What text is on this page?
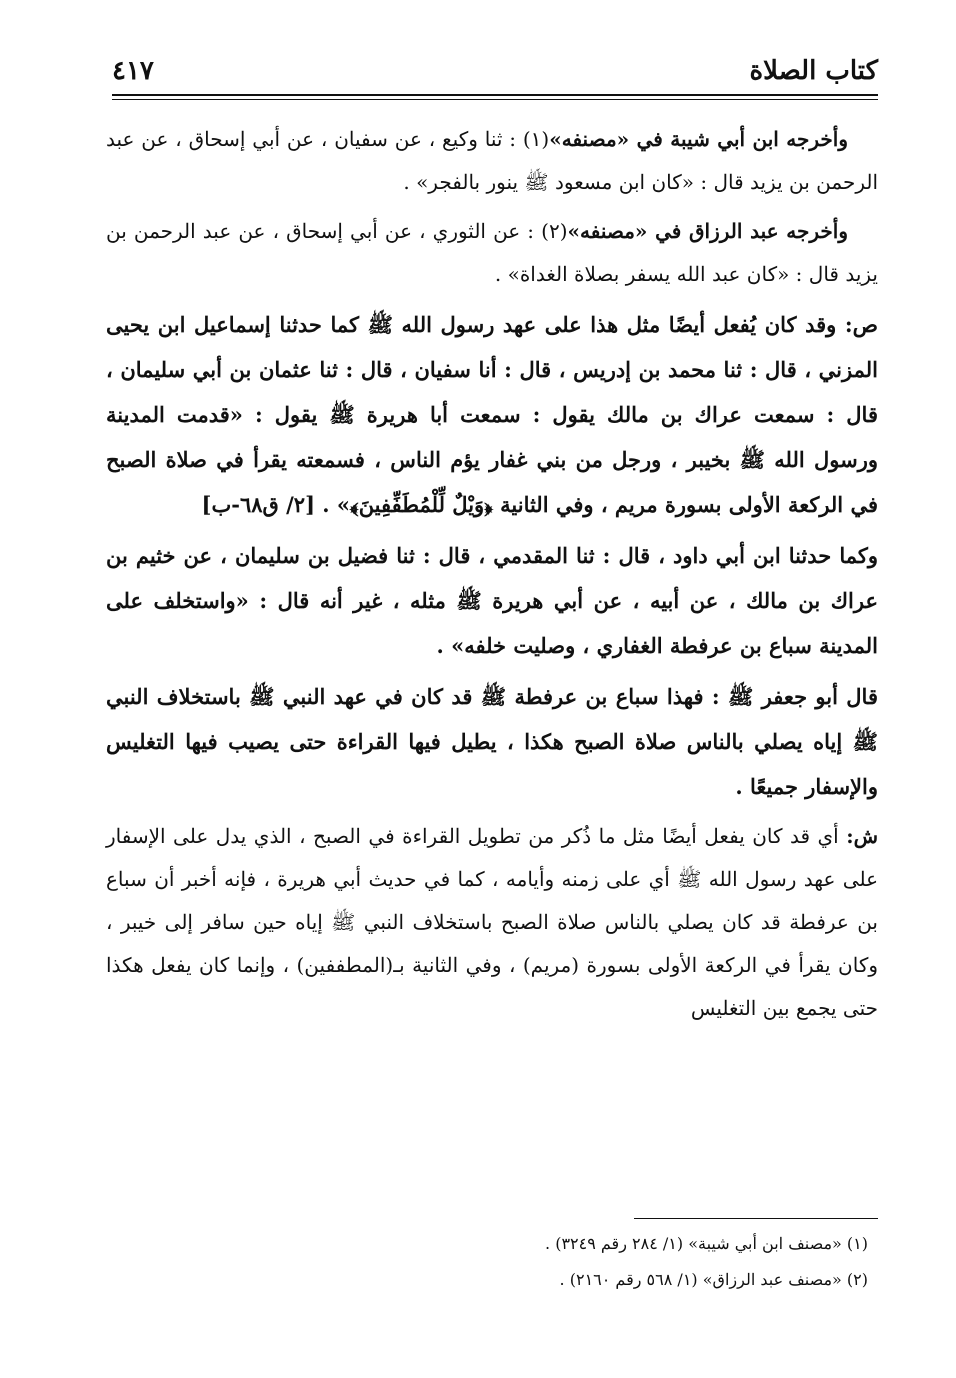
كتاب الصلاة
٤١٧

وأخرجه ابن أبي شيبة في «مصنفه»(١) : ثنا وكيع ، عن سفيان ، عن أبي إسحاق ، عن عبد الرحمن بن يزيد قال : «كان ابن مسعود ﷺ ينور بالفجر» .

وأخرجه عبد الرزاق في «مصنفه»(٢) : عن الثوري ، عن أبي إسحاق ، عن عبد الرحمن بن يزيد قال : «كان عبد الله يسفر بصلاة الغداة» .

ص: وقد كان يُفعل أيضًا مثل هذا على عهد رسول الله ﷺ كما حدثنا إسماعيل ابن يحيى المزني ، قال : ثنا محمد بن إدريس ، قال : أنا سفيان ، قال : ثنا عثمان بن أبي سليمان ، قال : سمعت عراك بن مالك يقول : سمعت أبا هريرة ﷺ يقول : «قدمت المدينة ورسول الله ﷺ بخيبر ، ورجل من بني غفار يؤم الناس ، فسمعته يقرأ في صلاة الصبح في الركعة الأولى بسورة مريم ، وفي الثانية ﴿وَيْلٌ لِّلْمُطَفِّفِينَ﴾» . [٢/ ق٦٨-ب]

وكما حدثنا ابن أبي داود ، قال : ثنا المقدمي ، قال : ثنا فضيل بن سليمان ، عن خثيم بن عراك بن مالك ، عن أبيه ، عن أبي هريرة ﷺ مثله ، غير أنه قال : «واستخلف على المدينة سباع بن عرفطة الغفاري ، وصليت خلفه» .

قال أبو جعفر ﷺ : فهذا سباع بن عرفطة ﷺ قد كان في عهد النبي ﷺ باستخلاف النبي ﷺ إياه يصلي بالناس صلاة الصبح هكذا ، يطيل فيها القراءة حتى يصيب فيها التغليس والإسفار جميعًا .

ش: أي قد كان يفعل أيضًا مثل ما ذُكر من تطويل القراءة في الصبح ، الذي يدل على الإسفار على عهد رسول الله ﷺ أي على زمنه وأيامه ، كما في حديث أبي هريرة ، فإنه أخبر أن سباع بن عرفطة قد كان يصلي بالناس صلاة الصبح باستخلاف النبي ﷺ إياه حين سافر إلى خيبر ، وكان يقرأ في الركعة الأولى بسورة (مريم) ، وفي الثانية بـ(المطففين) ، وإنما كان يفعل هكذا حتى يجمع بين التغليس

(١) «مصنف ابن أبي شيبة» (١/ ٢٨٤ رقم ٣٢٤٩) .
(٢) «مصنف عبد الرزاق» (١/ ٥٦٨ رقم ٢١٦٠) .
